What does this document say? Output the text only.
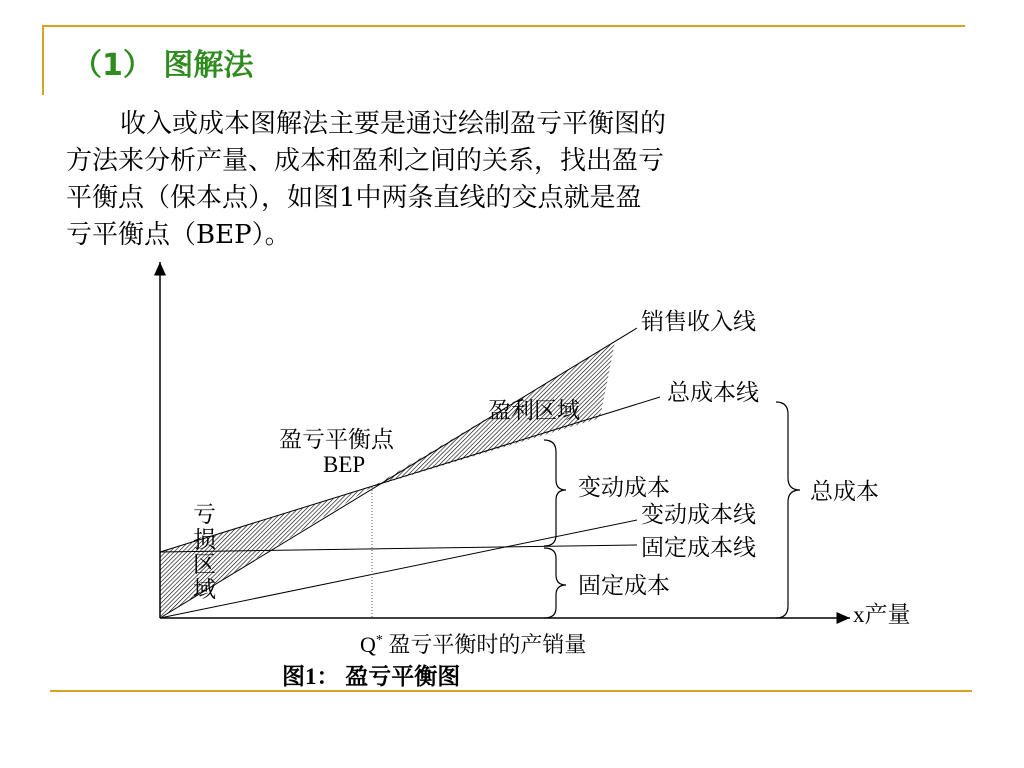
（1） 图解法
收入或成本图解法主要是通过绘制盈亏平衡图的
方法来分析产量、成本和盈利之间的关系，找出盈亏
平衡点（保本点），如图1中两条直线的交点就是盈
亏平衡点（BEP）。
销售收入线
总成本线
盈利区域
盈亏平衡点
BEP
变动成本
变动成本线
固定成本线
固定成本
总成本
亏
损
区
域
x产量
Q* 盈亏平衡时的产销量
图1： 盈亏平衡图
